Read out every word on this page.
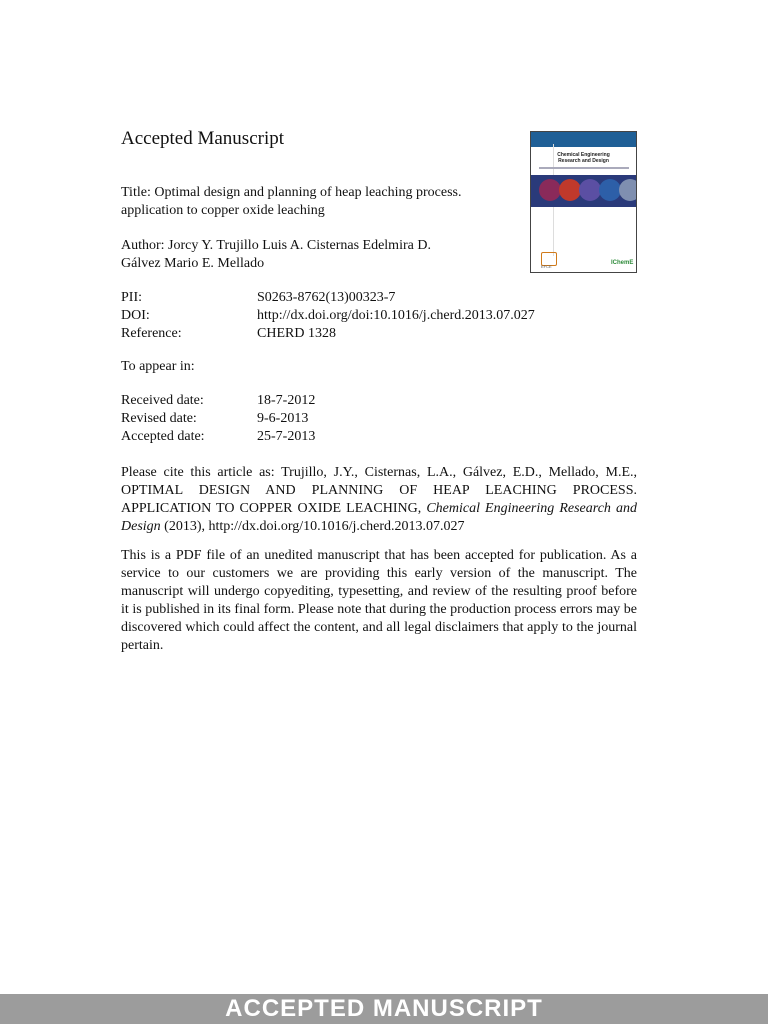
Accepted Manuscript
Title: Optimal design and planning of heap leaching process.
application to copper oxide leaching
Author: Jorcy Y. Trujillo Luis A. Cisternas Edelmira D.
Gálvez Mario E. Mellado
PII:	S0263-8762(13)00323-7
DOI:	http://dx.doi.org/doi:10.1016/j.cherd.2013.07.027
Reference:	CHERD 1328
To appear in:
Received date:	18-7-2012
Revised date:	9-6-2013
Accepted date:	25-7-2013
Please cite this article as: Trujillo, J.Y., Cisternas, L.A., Gálvez, E.D., Mellado, M.E., OPTIMAL DESIGN AND PLANNING OF HEAP LEACHING PROCESS. APPLICATION TO COPPER OXIDE LEACHING, Chemical Engineering Research and Design (2013), http://dx.doi.org/10.1016/j.cherd.2013.07.027
This is a PDF file of an unedited manuscript that has been accepted for publication. As a service to our customers we are providing this early version of the manuscript. The manuscript will undergo copyediting, typesetting, and review of the resulting proof before it is published in its final form. Please note that during the production process errors may be discovered which could affect the content, and all legal disclaimers that apply to the journal pertain.
Chemical Engineering
Research and Design
EFCE
IChemE
ACCEPTED MANUSCRIPT
